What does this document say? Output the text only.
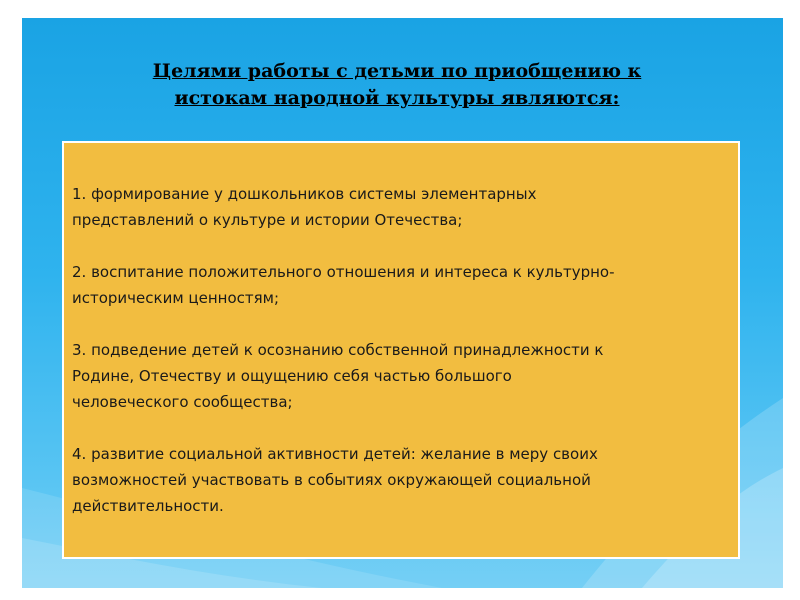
Целями работы с детьми по приобщению к
истокам народной культуры являются:
1. формирование у дошкольников системы элементарных
представлений о культуре и истории Отечества;
2. воспитание положительного отношения и интереса к культурно-
историческим ценностям;
3. подведение детей к осознанию собственной принадлежности к
Родине, Отечеству и ощущению себя частью большого
человеческого сообщества;
4. развитие социальной активности детей: желание в меру своих
возможностей участвовать в событиях окружающей социальной
действительности.
